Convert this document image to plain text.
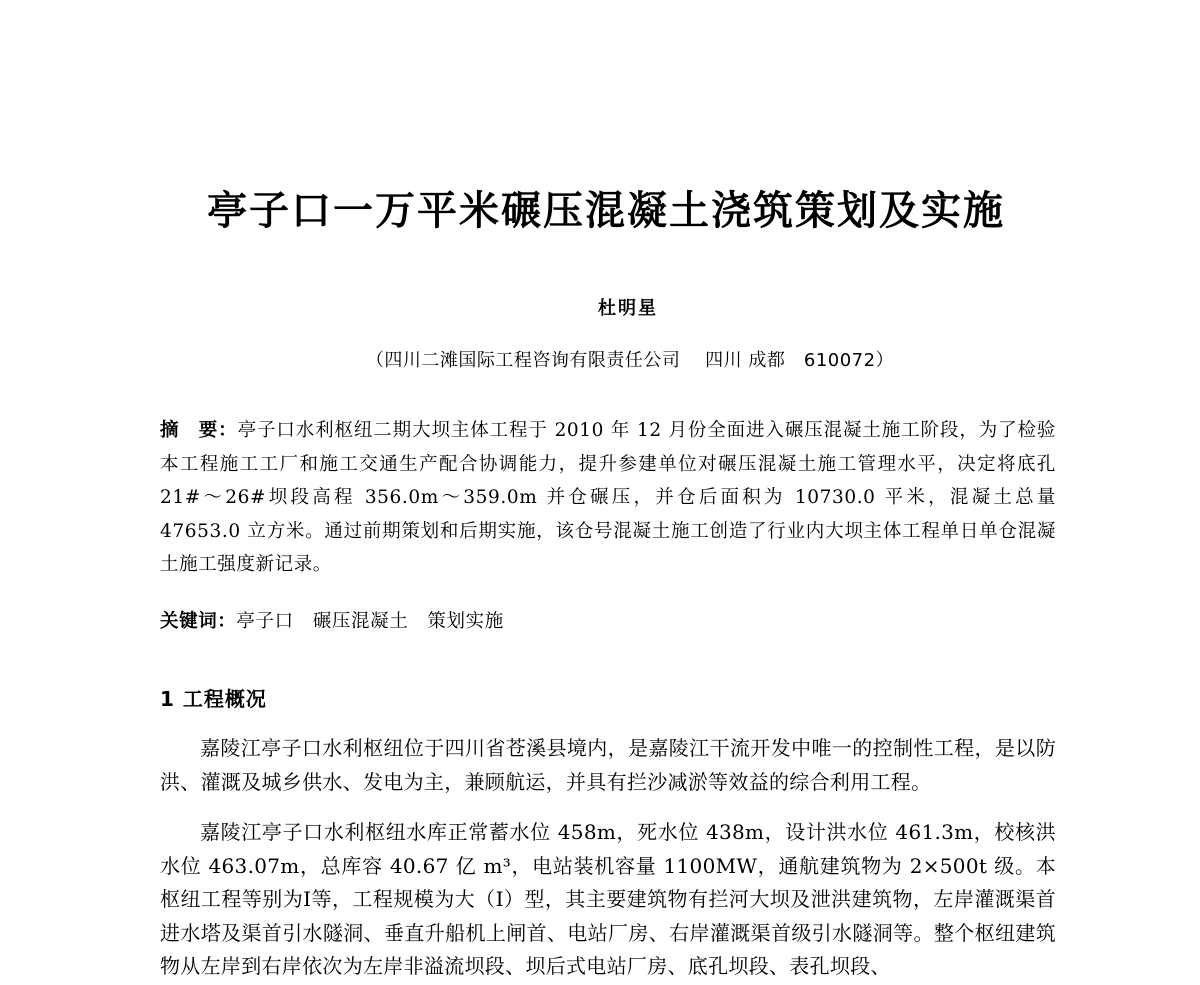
亭子口一万平米碾压混凝土浇筑策划及实施
杜明星
（四川二滩国际工程咨询有限责任公司　 四川 成都　610072）
摘　要：亭子口水利枢纽二期大坝主体工程于 2010 年 12 月份全面进入碾压混凝土施工阶段，为了检验本工程施工工厂和施工交通生产配合协调能力，提升参建单位对碾压混凝土施工管理水平，决定将底孔 21#～26#坝段高程 356.0m～359.0m 并仓碾压，并仓后面积为 10730.0 平米，混凝土总量 47653.0 立方米。通过前期策划和后期实施，该仓号混凝土施工创造了行业内大坝主体工程单日单仓混凝土施工强度新记录。
关键词：亭子口　碾压混凝土　策划实施
1 工程概况
嘉陵江亭子口水利枢纽位于四川省苍溪县境内，是嘉陵江干流开发中唯一的控制性工程，是以防洪、灌溉及城乡供水、发电为主，兼顾航运，并具有拦沙减淤等效益的综合利用工程。
嘉陵江亭子口水利枢纽水库正常蓄水位 458m，死水位 438m，设计洪水位 461.3m，校核洪水位 463.07m，总库容 40.67 亿 m³，电站装机容量 1100MW，通航建筑物为 2×500t 级。本枢纽工程等别为Ⅰ等，工程规模为大（Ⅰ）型，其主要建筑物有拦河大坝及泄洪建筑物，左岸灌溉渠首进水塔及渠首引水隧洞、垂直升船机上闸首、电站厂房、右岸灌溉渠首级引水隧洞等。整个枢纽建筑物从左岸到右岸依次为左岸非溢流坝段、坝后式电站厂房、底孔坝段、表孔坝段、
